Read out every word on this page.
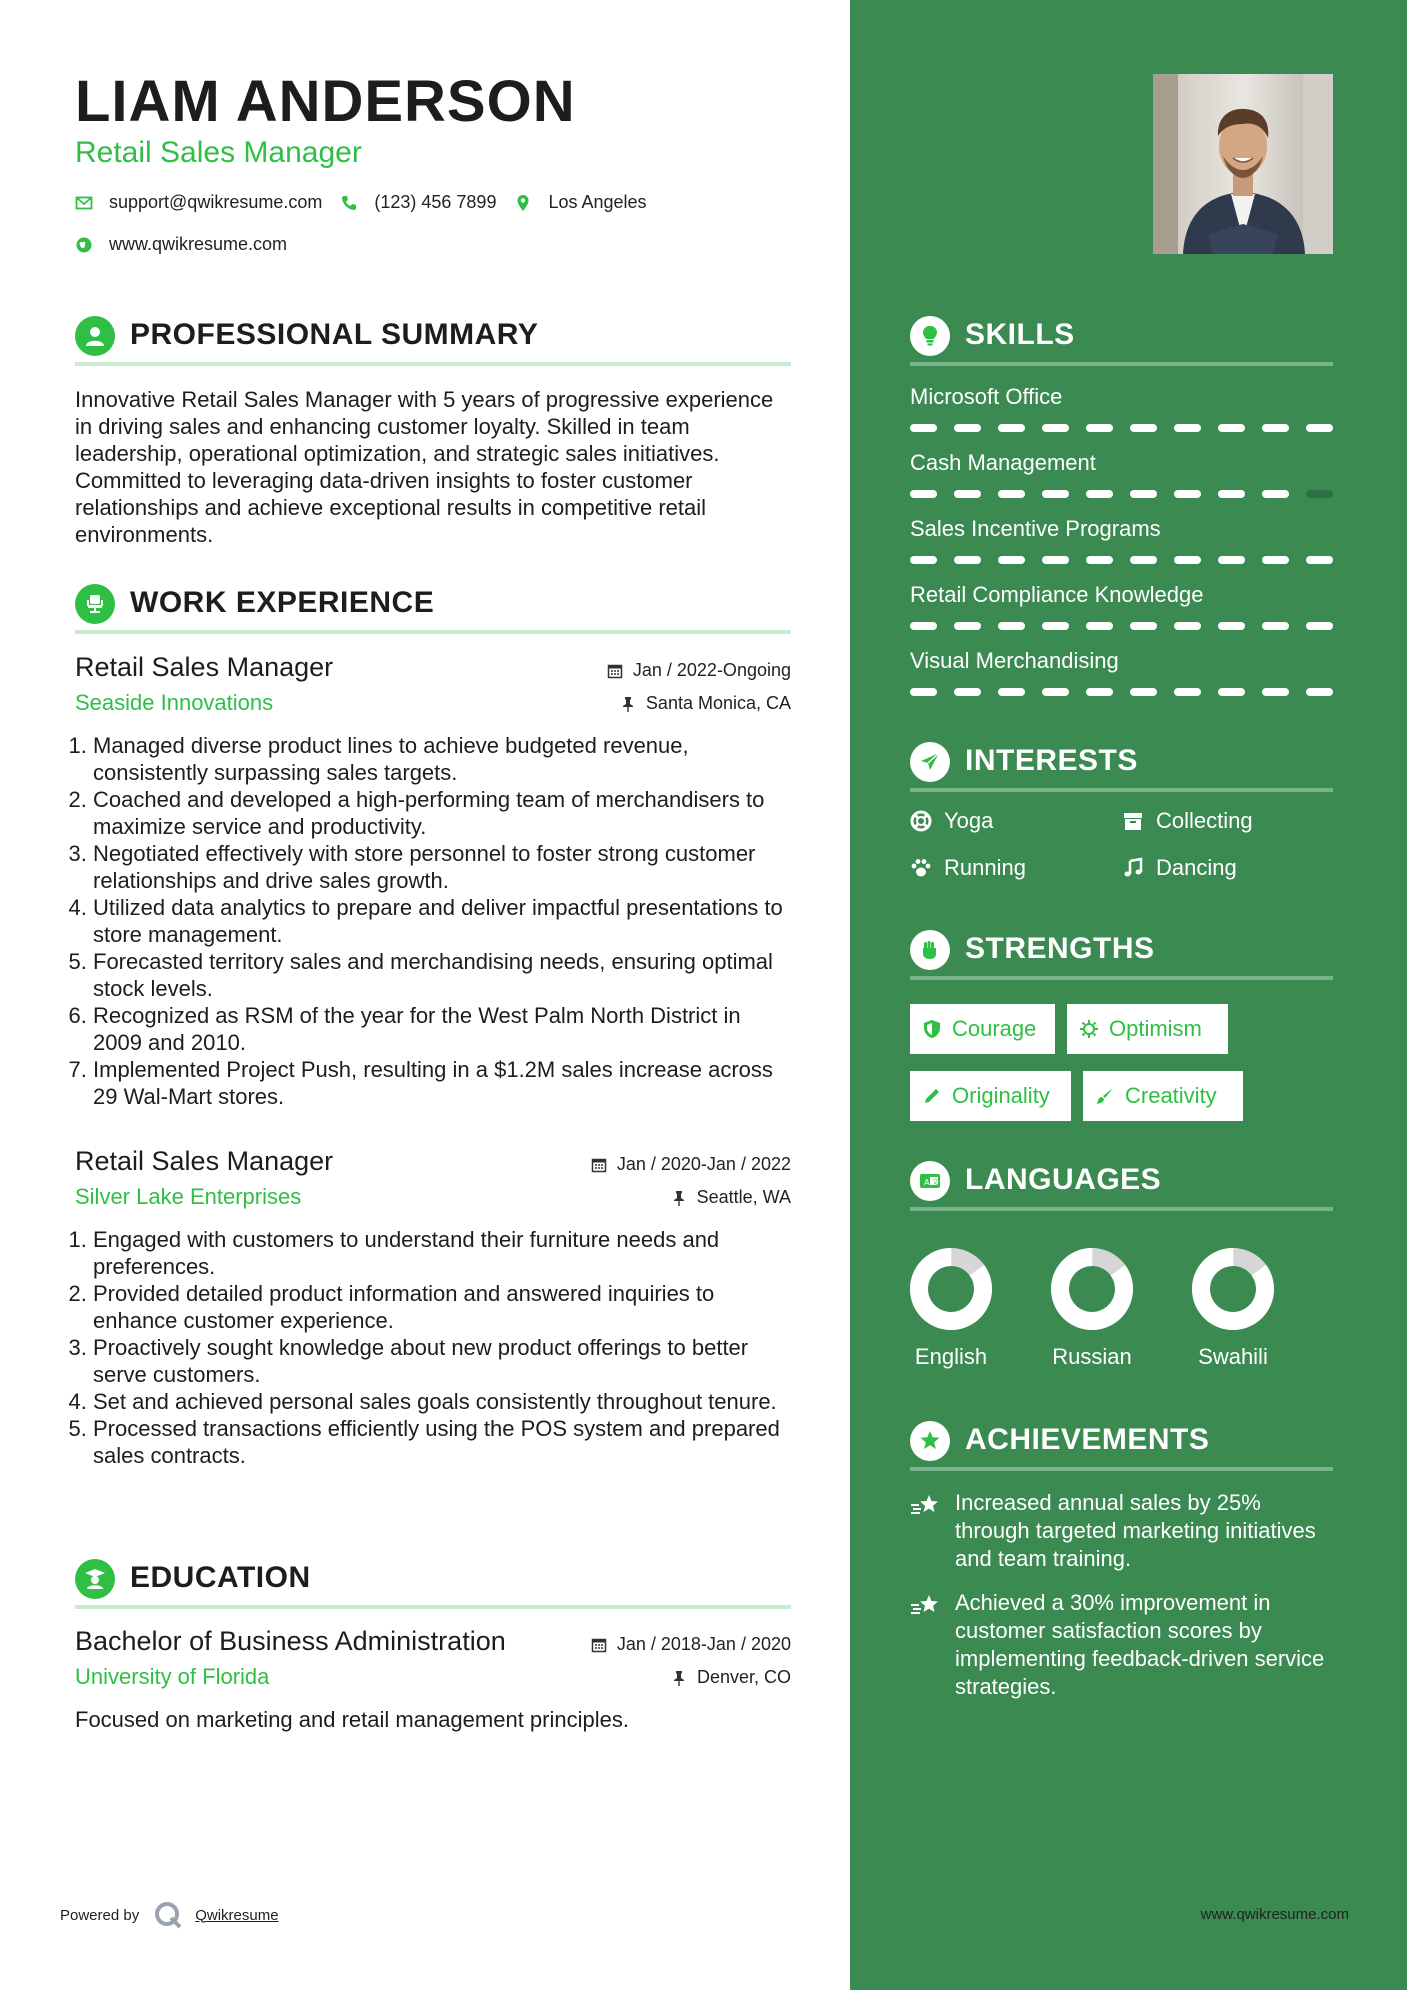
LIAM ANDERSON
Retail Sales Manager
support@qwikresume.com	(123) 456 7899	Los Angeles
www.qwikresume.com
PROFESSIONAL SUMMARY

Innovative Retail Sales Manager with 5 years of progressive experience in driving sales and enhancing customer loyalty. Skilled in team leadership, operational optimization, and strategic sales initiatives. Committed to leveraging data-driven insights to foster customer relationships and achieve exceptional results in competitive retail environments.

WORK EXPERIENCE
Retail Sales Manager
Seaside Innovations
Jan / 2022-Ongoing
Santa Monica, CA
1. Managed diverse product lines to achieve budgeted revenue, consistently surpassing sales targets.
2. Coached and developed a high-performing team of merchandisers to maximize service and productivity.
3. Negotiated effectively with store personnel to foster strong customer relationships and drive sales growth.
4. Utilized data analytics to prepare and deliver impactful presentations to store management.
5. Forecasted territory sales and merchandising needs, ensuring optimal stock levels.
6. Recognized as RSM of the year for the West Palm North District in 2009 and 2010.
7. Implemented Project Push, resulting in a $1.2M sales increase across 29 Wal-Mart stores.
Retail Sales Manager
Silver Lake Enterprises
Jan / 2020-Jan / 2022
Seattle, WA
1. Engaged with customers to understand their furniture needs and preferences.
2. Provided detailed product information and answered inquiries to enhance customer experience.
3. Proactively sought knowledge about new product offerings to better serve customers.
4. Set and achieved personal sales goals consistently throughout tenure.
5. Processed transactions efficiently using the POS system and prepared sales contracts.
EDUCATION
Bachelor of Business Administration
University of Florida
Jan / 2018-Jan / 2020
Denver, CO

Focused on marketing and retail management principles.

Powered by	Qwikresume
SKILLS
Microsoft Office
Cash Management
Sales Incentive Programs
Retail Compliance Knowledge
Visual Merchandising
INTERESTS
Yoga	Collecting
Running	Dancing
STRENGTHS
Courage	Optimism
Originality	Creativity
A 文 LANGUAGES
English	Russian	Swahili
ACHIEVEMENTS
Increased annual sales by 25% through targeted marketing initiatives and team training.
Achieved a 30% improvement in customer satisfaction scores by implementing feedback-driven service strategies.
www.qwikresume.com
